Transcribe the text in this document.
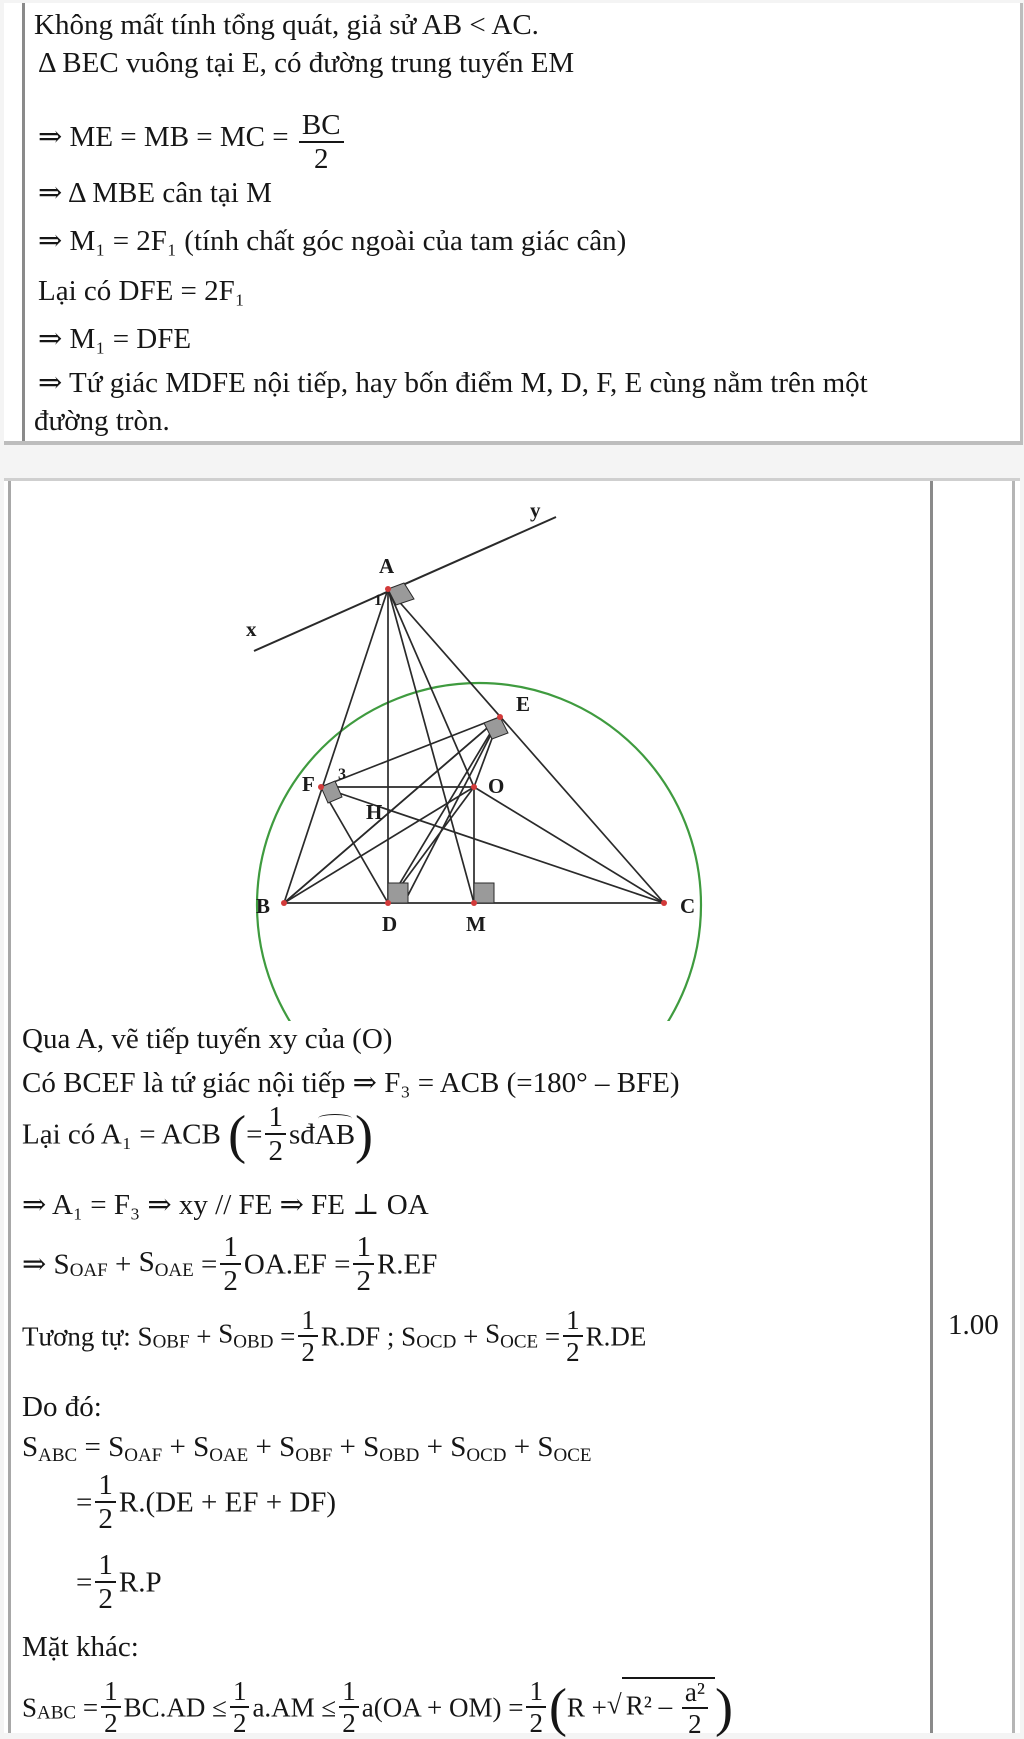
Không mất tính tổng quát, giả sử AB < AC.
Δ BEC vuông tại E, có đường trung tuyến EM
⇒ ME = MB = MC = $\frac{BC}{2}$
⇒ Δ MBE cân tại M
⇒ M₁ = 2F₁ (tính chất góc ngoài của tam giác cân)
Lại có DFE = 2F₁
⇒ M₁ = DFE
⇒ Tứ giác MDFE nội tiếp, hay bốn điểm M, D, F, E cùng nằm trên một
đường tròn.
A
B	C
D
E
F
H
O
M
x
y
1
3
Qua A, vẽ tiếp tuyến xy của (O)
Có BCEF là tứ giác nội tiếp ⇒ F₃ = ACB (=180° – BFE)
Lại có A₁ = ACB (= $\frac{1}{2}$ sđAB)
⇒ A₁ = F₃ ⇒ xy // FE ⇒ FE ⊥ OA
⇒ $S_{OAF} + S_{OAE} = \frac{1}{2} OA.EF = \frac{1}{2} R.EF$
Tương tự: $S_{OBF} + S_{OBD} = \frac{1}{2} R.DF$ ; $S_{OCD} + S_{OCE} = \frac{1}{2} R.DE$
Do đó:
$S_{ABC} = S_{OAF} + S_{OAE} + S_{OBF} + S_{OBD} + S_{OCD} + S_{OCE}$
= $\frac{1}{2} R.(DE$ + EF + DF)
= $\frac{1}{2} R.P$
Mặt khác:
$S_{ABC} = \frac{1}{2} BC.AD \le \frac{1}{2} a.AM \le \frac{1}{2} a(OA + OM) = \frac{1}{2} (R$ +√ $R^2 - \frac{\text{a²}}{2}$ )
1.00
